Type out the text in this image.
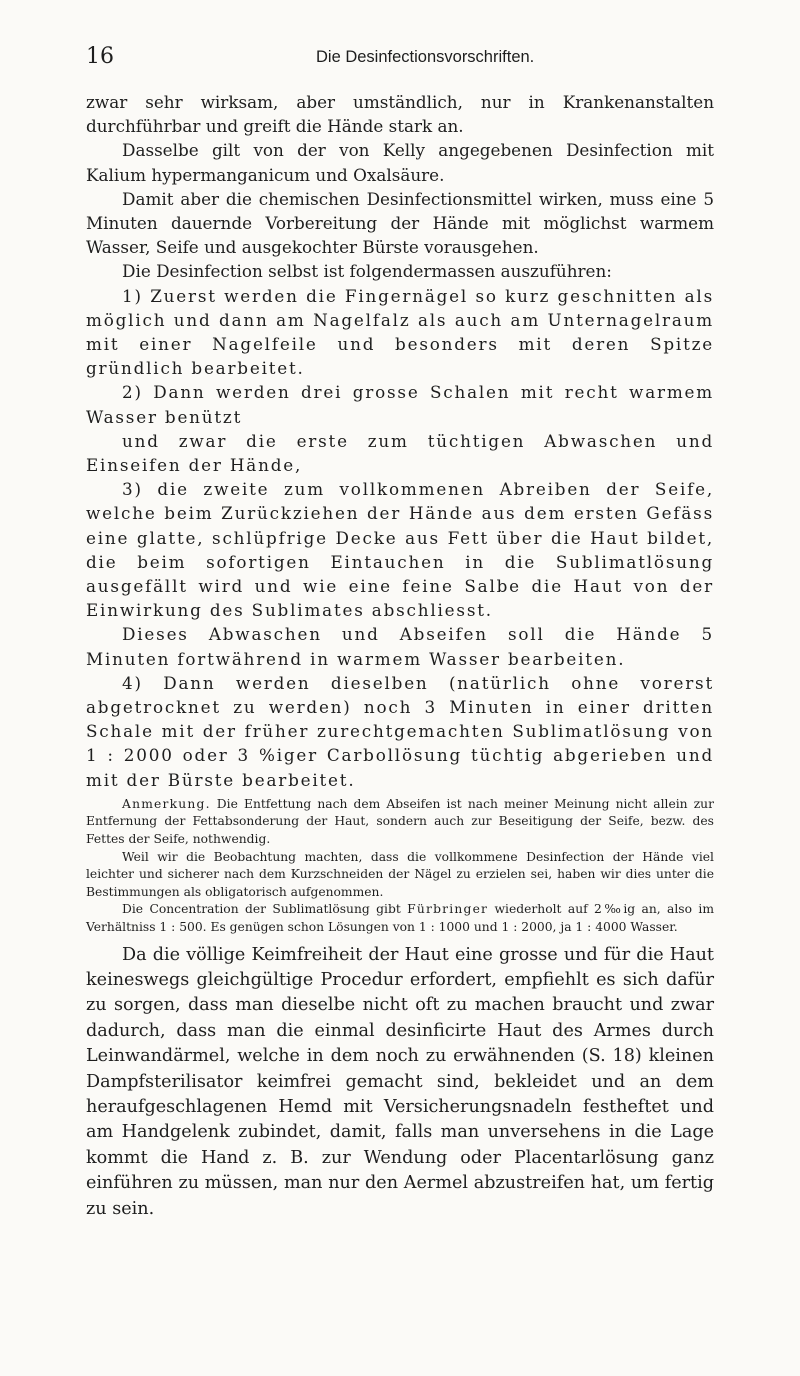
16	Die Desinfectionsvorschriften.

zwar sehr wirksam, aber umständlich, nur in Krankenanstalten durchführbar und greift die Hände stark an.

Dasselbe gilt von der von Kelly angegebenen Desinfection mit Kalium hypermanganicum und Oxalsäure.

Damit aber die chemischen Desinfectionsmittel wirken, muss eine 5 Minuten dauernde Vorbereitung der Hände mit möglichst warmem Wasser, Seife und ausgekochter Bürste vorausgehen.

Die Desinfection selbst ist folgendermassen auszuführen:

1) Zuerst werden die Fingernägel so kurz geschnitten als möglich und dann am Nagelfalz als auch am Unternagelraum mit einer Nagelfeile und besonders mit deren Spitze gründlich bearbeitet.

2) Dann werden drei grosse Schalen mit recht warmem Wasser benützt

und zwar die erste zum tüchtigen Abwaschen und Einseifen der Hände,

3) die zweite zum vollkommenen Abreiben der Seife, welche beim Zurückziehen der Hände aus dem ersten Gefäss eine glatte, schlüpfrige Decke aus Fett über die Haut bildet, die beim sofortigen Eintauchen in die Sublimatlösung ausgefällt wird und wie eine feine Salbe die Haut von der Einwirkung des Sublimates abschliesst.

Dieses Abwaschen und Abseifen soll die Hände 5 Minuten fortwährend in warmem Wasser bearbeiten.

4) Dann werden dieselben (natürlich ohne vorerst abgetrocknet zu werden) noch 3 Minuten in einer dritten Schale mit der früher zurechtgemachten Sublimatlösung von 1 : 2000 oder 3 %iger Carbollösung tüchtig abgerieben und mit der Bürste bearbeitet.

Anmerkung. Die Entfettung nach dem Abseifen ist nach meiner Meinung nicht allein zur Entfernung der Fettabsonderung der Haut, sondern auch zur Beseitigung der Seife, bezw. des Fettes der Seife, nothwendig.

Weil wir die Beobachtung machten, dass die vollkommene Desinfection der Hände viel leichter und sicherer nach dem Kurzschneiden der Nägel zu erzielen sei, haben wir dies unter die Bestimmungen als obligatorisch aufgenommen.

Die Concentration der Sublimatlösung gibt Fürbringer wiederholt auf 2‰ig an, also im Verhältniss 1 : 500. Es genügen schon Lösungen von 1 : 1000 und 1 : 2000, ja 1 : 4000 Wasser.

Da die völlige Keimfreiheit der Haut eine grosse und für die Haut keineswegs gleichgültige Procedur erfordert, empfiehlt es sich dafür zu sorgen, dass man dieselbe nicht oft zu machen braucht und zwar dadurch, dass man die einmal desinficirte Haut des Armes durch Leinwandärmel, welche in dem noch zu erwähnenden (S. 18) kleinen Dampfsterilisator keimfrei gemacht sind, bekleidet und an dem heraufgeschlagenen Hemd mit Versicherungsnadeln festheftet und am Handgelenk zubindet, damit, falls man unversehens in die Lage kommt die Hand z. B. zur Wendung oder Placentarlösung ganz einführen zu müssen, man nur den Aermel abzustreifen hat, um fertig zu sein.
